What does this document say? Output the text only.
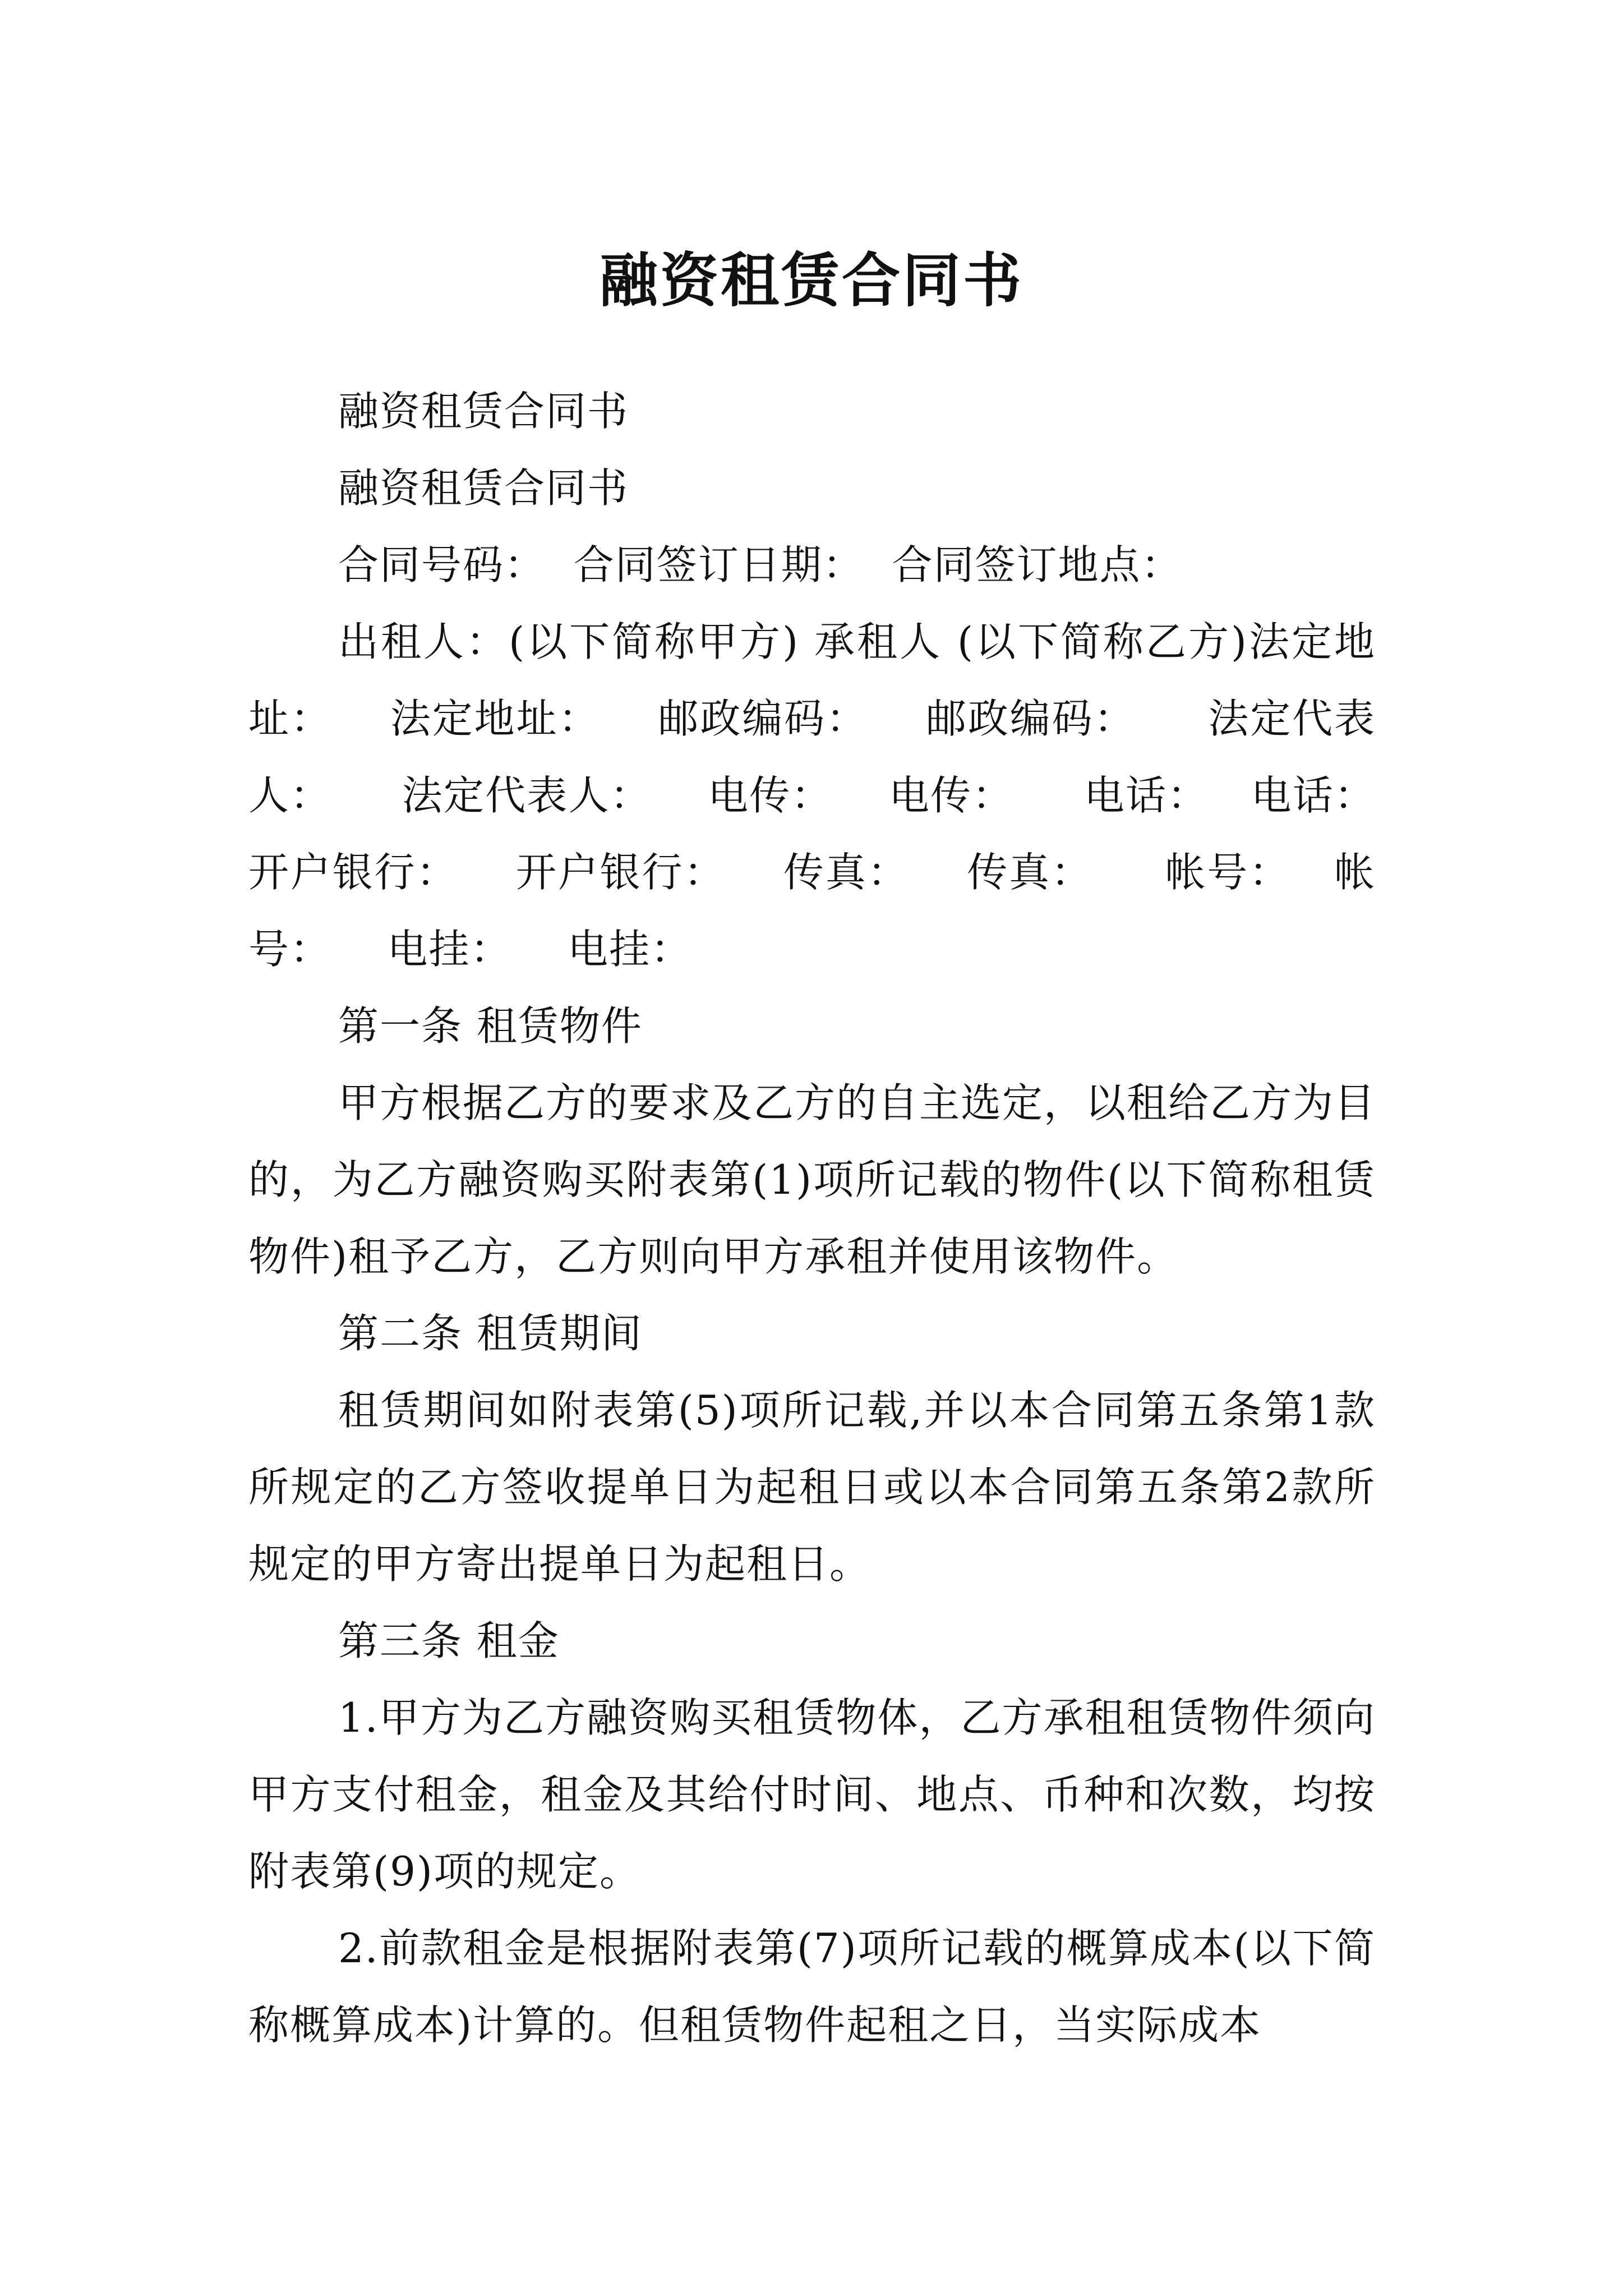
融资租赁合同书

融资租赁合同书

融资租赁合同书

合同号码：  合同签订日期：  合同签订地点：

出租人：(以下简称甲方) 承租人 (以下简称乙方)法定地址：    法定地址：    邮政编码：    邮政编码：     法定代表人：     法定代表人：    电传：    电传：     电话：   电话：   开户银行：    开户银行：    传真：    传真：     帐号：   帐号：    电挂：    电挂：

第一条 租赁物件

甲方根据乙方的要求及乙方的自主选定，以租给乙方为目的，为乙方融资购买附表第(1)项所记载的物件(以下简称租赁物件)租予乙方，乙方则向甲方承租并使用该物件。

第二条 租赁期间

租赁期间如附表第(5)项所记载,并以本合同第五条第1款所规定的乙方签收提单日为起租日或以本合同第五条第2款所规定的甲方寄出提单日为起租日。

第三条 租金

1.甲方为乙方融资购买租赁物体，乙方承租租赁物件须向甲方支付租金，租金及其给付时间、地点、币种和次数，均按附表第(9)项的规定。

2.前款租金是根据附表第(7)项所记载的概算成本(以下简称概算成本)计算的。但租赁物件起租之日，当实际成本
